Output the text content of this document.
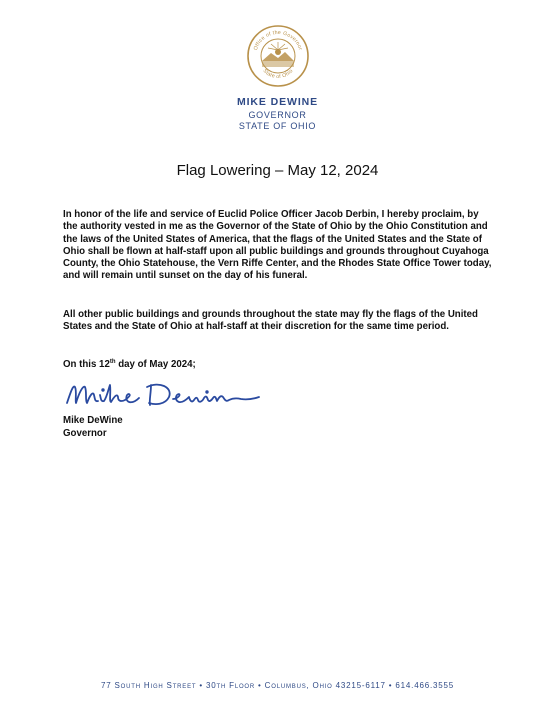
Office of the Governor
State of Ohio
MIKE DEWINE
GOVERNOR
STATE OF OHIO
Flag Lowering – May 12, 2024
In honor of the life and service of Euclid Police Officer Jacob Derbin, I hereby proclaim, by the authority vested in me as the Governor of the State of Ohio by the Ohio Constitution and the laws of the United States of America, that the flags of the United States and the State of Ohio shall be flown at half-staff upon all public buildings and grounds throughout Cuyahoga County, the Ohio Statehouse, the Vern Riffe Center, and the Rhodes State Office Tower today, and will remain until sunset on the day of his funeral.
All other public buildings and grounds throughout the state may fly the flags of the United States and the State of Ohio at half-staff at their discretion for the same time period.
On this 12th day of May 2024;
Mike DeWine
Governor
77 South High Street • 30th Floor • Columbus, Ohio 43215-6117 • 614.466.3555
